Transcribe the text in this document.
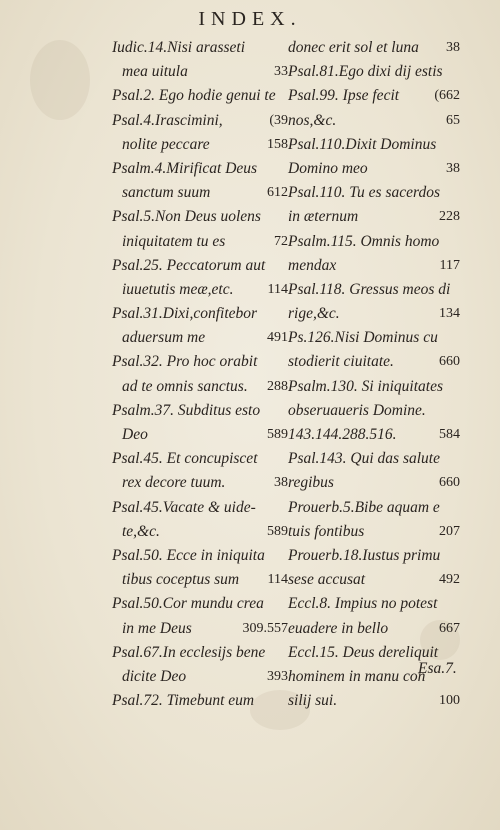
INDEX.
Iudic.14.Nisi arasseti
mea uitula	33
Psal.2. Ego hodie genui te
Psal.4.Irascimini,	(39
nolite peccare	158
Psalm.4.Mirificat Deus
sanctum suum	612
Psal.5.Non Deus uolens
iniquitatem tu es	72
Psal.25. Peccatorum aut
iuuetutis meæ,etc. 114
Psal.31.Dixi,confitebor
aduersum me	491
Psal.32. Pro hoc orabit
ad te omnis sanctus. 288
Psalm.37. Subditus esto
Deo	589
Psal.45. Et concupiscet
rex decore tuum.	38
Psal.45.Vacate & uide-
te,&c.	589
Psal.50. Ecce in iniquita
tibus coceptus sum 114
Psal.50.Cor mundu crea
in me Deus	309.557
Psal.67.In ecclesijs bene
dicite Deo	393
Psal.72. Timebunt eum
donec erit sol et luna 38
Psal.81.Ego dixi dij estis
Psal.99. Ipse fecit	(662
nos,&c.	65
Psal.110.Dixit Dominus
Domino meo	38
Psal.110. Tu es sacerdos
in æternum	228
Psalm.115. Omnis homo
mendax	117
Psal.118. Gressus meos di
rige,&c.	134
Ps.126.Nisi Dominus cu
stodierit ciuitate.	660
Psalm.130. Si iniquitates
obseruaueris Domine.
143.144.288.516.	584
Psal.143. Qui das salute
regibus	660
Prouerb.5.Bibe aquam e
tuis fontibus	207
Prouerb.18.Iustus primu
sese accusat	492
Eccl.8. Impius no potest
euadere in bello	667
Eccl.15. Deus dereliquit
hominem in manu con
silij sui.	100
Esa.7.
